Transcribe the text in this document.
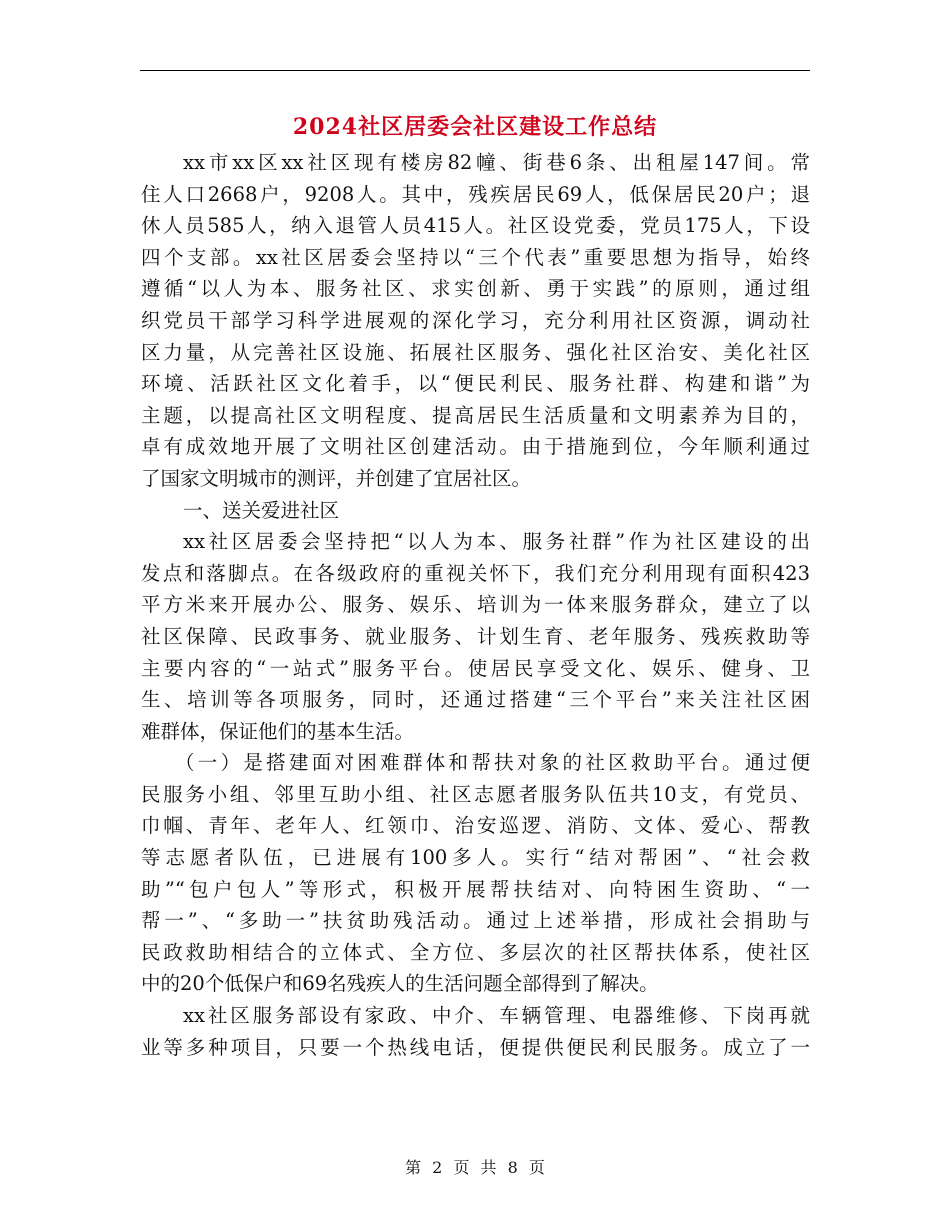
2024社区居委会社区建设工作总结
xx市xx区xx社区现有楼房82幢、街巷6条、出租屋147间。常
住人口2668户，9208人。其中，残疾居民69人，低保居民20户；退
休人员585人，纳入退管人员415人。社区设党委，党员175人，下设
四个支部。xx社区居委会坚持以“三个代表”重要思想为指导，始终
遵循“以人为本、服务社区、求实创新、勇于实践”的原则，通过组
织党员干部学习科学进展观的深化学习，充分利用社区资源，调动社
区力量，从完善社区设施、拓展社区服务、强化社区治安、美化社区
环境、活跃社区文化着手，以“便民利民、服务社群、构建和谐”为
主题，以提高社区文明程度、提高居民生活质量和文明素养为目的，
卓有成效地开展了文明社区创建活动。由于措施到位，今年顺利通过
了国家文明城市的测评，并创建了宜居社区。
一、送关爱进社区
xx社区居委会坚持把“以人为本、服务社群”作为社区建设的出
发点和落脚点。在各级政府的重视关怀下，我们充分利用现有面积423
平方米来开展办公、服务、娱乐、培训为一体来服务群众，建立了以
社区保障、民政事务、就业服务、计划生育、老年服务、残疾救助等
主要内容的“一站式”服务平台。使居民享受文化、娱乐、健身、卫
生、培训等各项服务，同时，还通过搭建“三个平台”来关注社区困
难群体，保证他们的基本生活。
（一）是搭建面对困难群体和帮扶对象的社区救助平台。通过便
民服务小组、邻里互助小组、社区志愿者服务队伍共10支，有党员、
巾帼、青年、老年人、红领巾、治安巡逻、消防、文体、爱心、帮教
等志愿者队伍，已进展有100多人。实行“结对帮困”、“社会救
助”“包户包人”等形式，积极开展帮扶结对、向特困生资助、“一
帮一”、“多助一”扶贫助残活动。通过上述举措，形成社会捐助与
民政救助相结合的立体式、全方位、多层次的社区帮扶体系，使社区
中的20个低保户和69名残疾人的生活问题全部得到了解决。
xx社区服务部设有家政、中介、车辆管理、电器维修、下岗再就
业等多种项目，只要一个热线电话，便提供便民利民服务。成立了一
第 2 页 共 8 页
